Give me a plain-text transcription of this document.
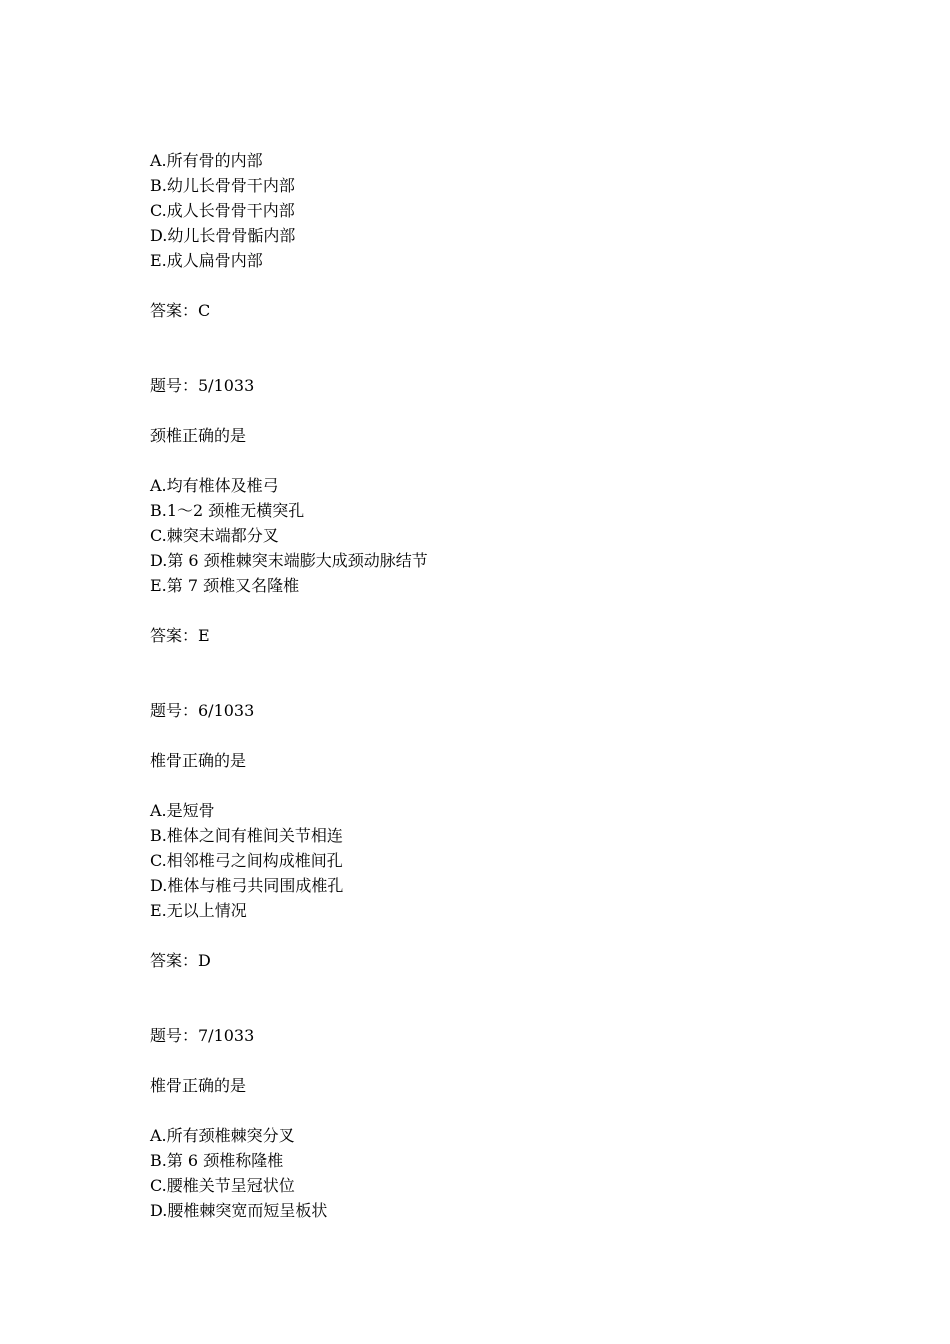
A.所有骨的内部
B.幼儿长骨骨干内部
C.成人长骨骨干内部
D.幼儿长骨骨骺内部
E.成人扁骨内部
答案：C
题号：5/1033
颈椎正确的是
A.均有椎体及椎弓
B.1～2 颈椎无横突孔
C.棘突末端都分叉
D.第 6 颈椎棘突末端膨大成颈动脉结节
E.第 7 颈椎又名隆椎
答案：E
题号：6/1033
椎骨正确的是
A.是短骨
B.椎体之间有椎间关节相连
C.相邻椎弓之间构成椎间孔
D.椎体与椎弓共同围成椎孔
E.无以上情况
答案：D
题号：7/1033
椎骨正确的是
A.所有颈椎棘突分叉
B.第 6 颈椎称隆椎
C.腰椎关节呈冠状位
D.腰椎棘突宽而短呈板状
